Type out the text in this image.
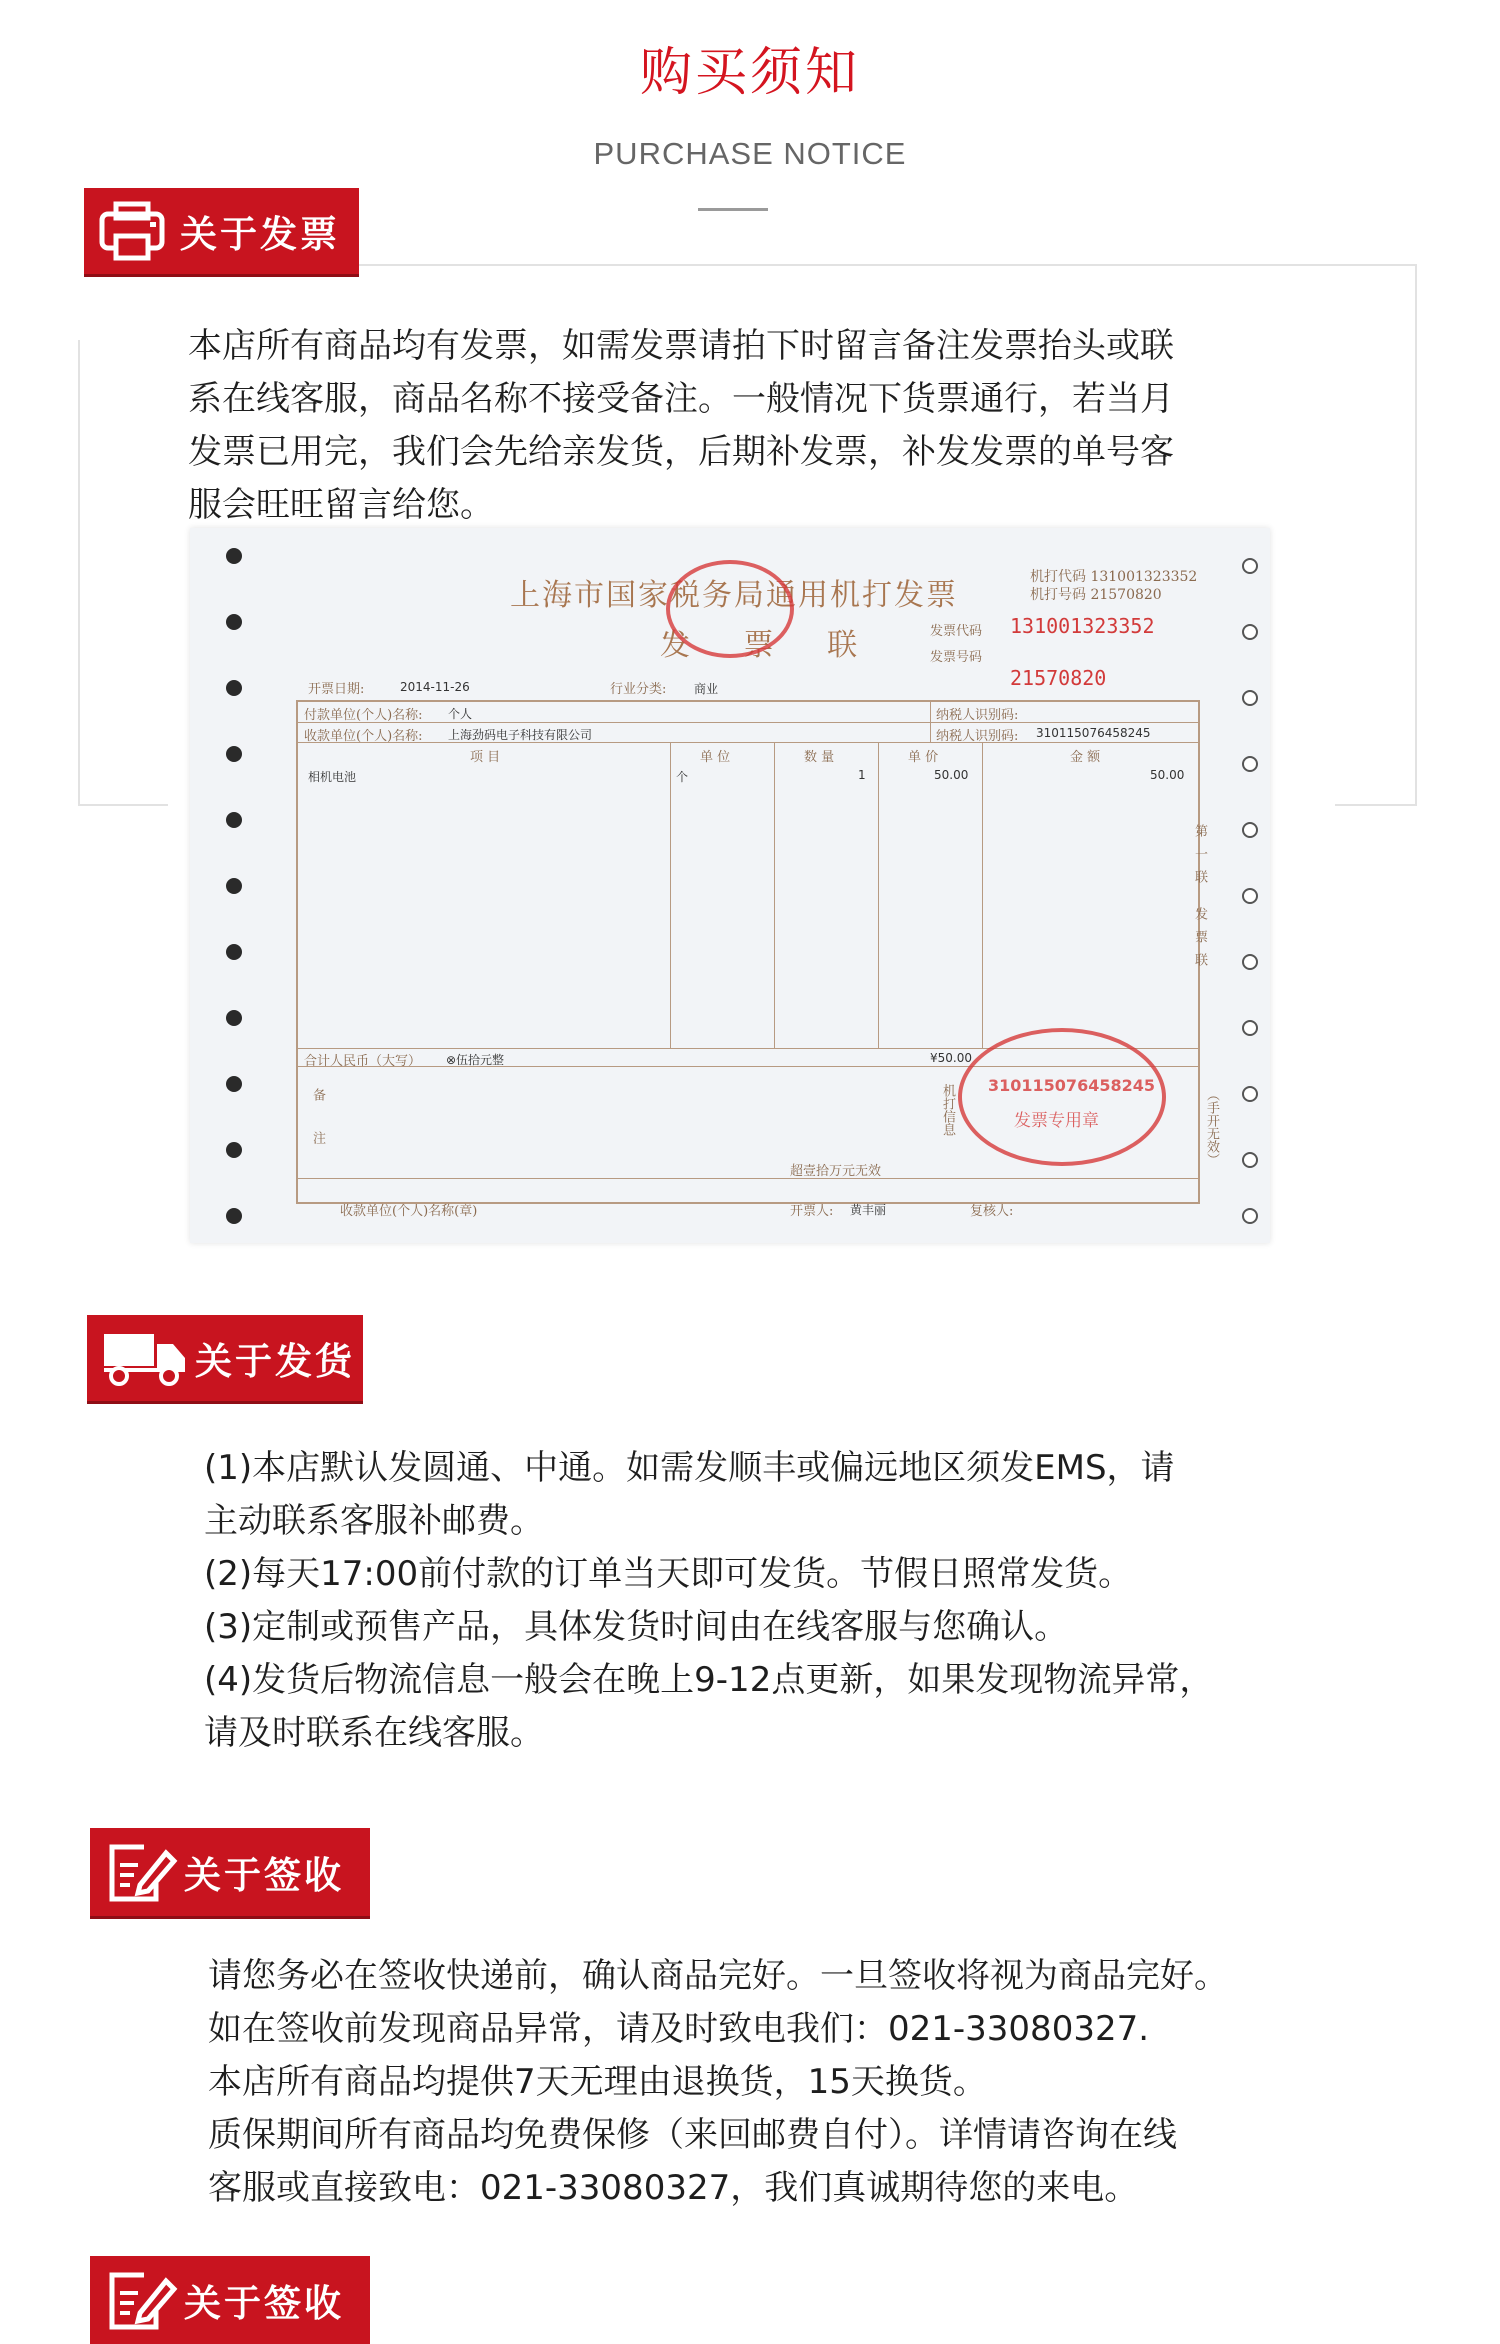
购买须知
PURCHASE NOTICE
关于发票

本店所有商品均有发票，如需发票请拍下时留言备注发票抬头或联

系在线客服，商品名称不接受备注。一般情况下货票通行，若当月

发票已用完，我们会先给亲发货，后期补发票，补发发票的单号客

服会旺旺留言给您。

上海市国家税务局通用机打发票
发 票 联
机打代码 131001323352
机打号码 21570820
发票代码 131001323352
发票号码
21570820
开票日期:	2014-11-26	行业分类: 商业
付款单位(个人)名称: 个人
收款单位(个人)名称: 上海劲码电子科技有限公司
纳税人识别码:
纳税人识别码: 310115076458245
项 目	单 位	数 量	单 价	金 额
相机电池	个	1	50.00	50.00
合计人民币（大写） ⊗伍拾元整	¥50.00
备注	机打信息
超壹拾万元无效
收款单位(个人)名称(章)	开票人: 黄丰丽	复核人:
第一联 发票联
（手开无效）
310115076458245
发票专用章
关于发货

(1)本店默认发圆通、中通。如需发顺丰或偏远地区须发EMS，请

主动联系客服补邮费。

(2)每天17:00前付款的订单当天即可发货。节假日照常发货。

(3)定制或预售产品，具体发货时间由在线客服与您确认。

(4)发货后物流信息一般会在晚上9-12点更新，如果发现物流异常，

请及时联系在线客服。

关于签收

请您务必在签收快递前，确认商品完好。一旦签收将视为商品完好。

如在签收前发现商品异常，请及时致电我们：021-33080327.

本店所有商品均提供7天无理由退换货，15天换货。

质保期间所有商品均免费保修（来回邮费自付）。详情请咨询在线

客服或直接致电：021-33080327，我们真诚期待您的来电。

关于签收
